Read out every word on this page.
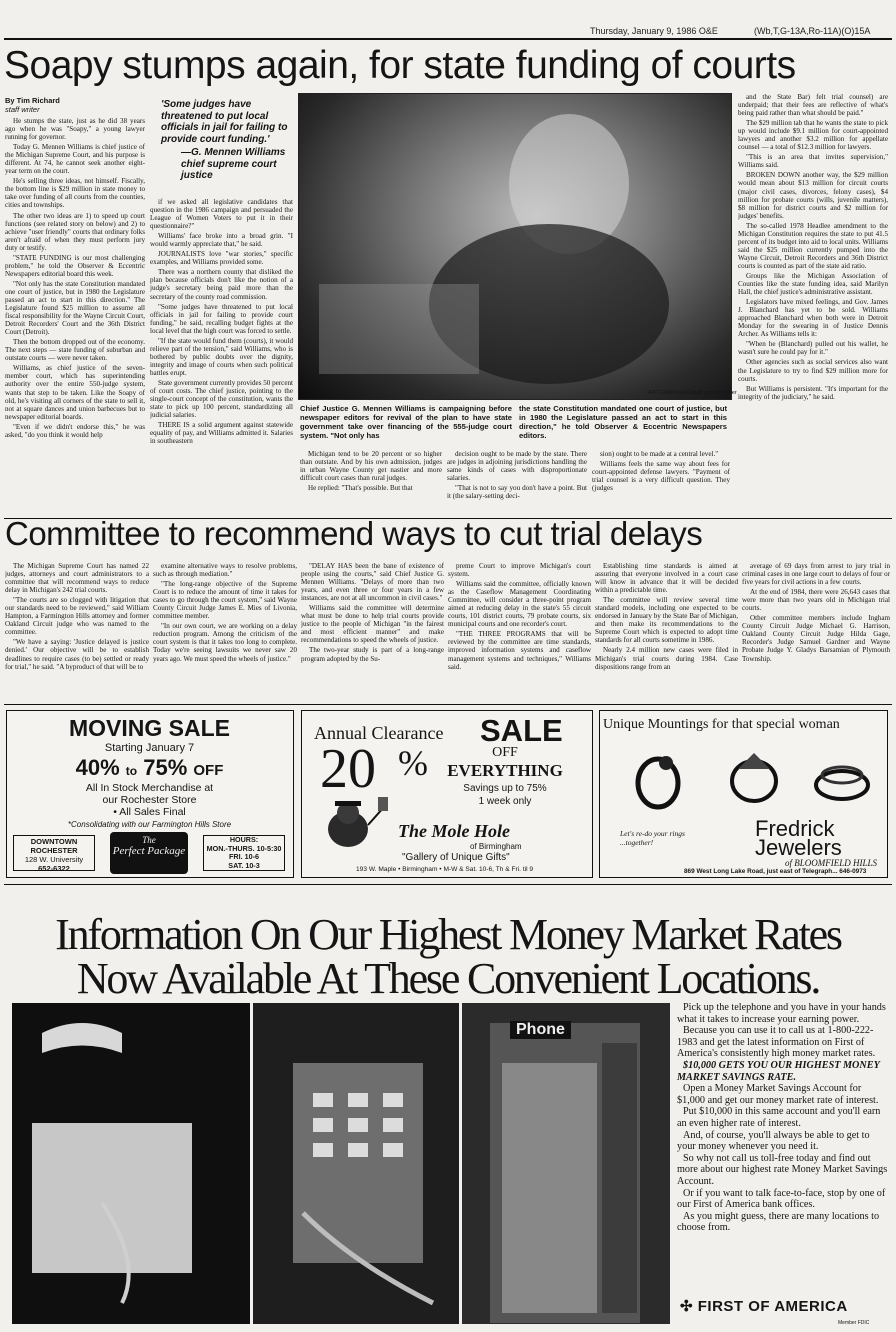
Thursday, January 9, 1986 O&E	(Wb,T,G-13A,Ro-11A)(O)15A
Soapy stumps again, for state funding of courts
By Tim Richard
staff writer

He stumps the state, just as he did 38 years ago when he was "Soapy," a young lawyer running for governor.

Today G. Mennen Williams is chief justice of the Michigan Supreme Court, and his purpose is different. At 74, he cannot seek another eight-year term on the court.

He's selling three ideas, not himself. Fiscally, the bottom line is $29 million in state money to take over funding of all courts from the counties, cities and townships.

The other two ideas are 1) to speed up court functions (see related story on below) and 2) to achieve "user friendly" courts that ordinary folks aren't afraid of when they must perform jury duty or testify.

"STATE FUNDING is our most challenging problem," he told the Observer & Eccentric Newspapers editorial board this week.

"Not only has the state Constitution mandated one court of justice, but in 1980 the Legislature passed an act to start in this direction." The Legislature found $25 million to assume all fiscal responsibility for the Wayne Circuit Court, Detroit Recorders' Court and the 36th District Court (Detroit).

Then the bottom dropped out of the economy. The next steps — state funding of suburban and outstate courts — were never taken.

Williams, as chief justice of the seven-member court, which has superintending authority over the entire 550-judge system, wants that step to be taken. Like the Soapy of old, he's visiting all corners of the state to sell it, not at square dances and union barbecues but to newspaper editorial boards.

"Even if we didn't endorse this," he was asked, "do you think it would help

'Some judges have threatened to put local officials in jail for failing to provide court funding.'
—G. Mennen Williams chief supreme court justice

if we asked all legislative candidates that question in the 1986 campaign and persuaded the League of Women Voters to put it in their questionnaire?"

Williams' face broke into a broad grin. "I would warmly appreciate that," he said.

JOURNALISTS love "war stories," specific examples, and Williams provided some.

There was a northern county that disliked the plan because officials don't like the notion of a judge's secretary being paid more than the secretary of the county road commission.

"Some judges have threatened to put local officials in jail for failing to provide court funding," he said, recalling budget fights at the local level that the high court was forced to settle.

"If the state would fund them (courts), it would relieve part of the tension," said Williams, who is bothered by public doubts over the dignity, integrity and image of courts when such political battles erupt.

State government currently provides 50 percent of court costs. The chief justice, pointing to the single-court concept of the constitution, wants the state to pick up 100 percent, standardizing all judicial salaries.

THERE IS a solid argument against statewide equality of pay, and Williams admitted it. Salaries in southeastern

ART EMANUELE/staff photographer
Chief Justice G. Mennen Williams is campaigning before newspaper editors for revival of the plan to have state government take over financing of the 555-judge court system. "Not only has
the state Constitution mandated one court of justice, but in 1980 the Legislature passed an act to start in this direction," he told Observer & Eccentric Newspapers editors.

Michigan tend to be 20 percent or so higher than outstate. And by his own admission, judges in urban Wayne County get nastier and more difficult court cases than rural judges.

He replied: "That's possible. But that

decision ought to be made by the state. There are judges in adjoining jurisdictions handling the same kinds of cases with disproportionate salaries.

"That is not to say you don't have a point. But it (the salary-setting deci-

sion) ought to be made at a central level."

Williams feels the same way about fees for court-appointed defense lawyers. "Payment of trial counsel is a very difficult question. They (judges

and the State Bar) felt trial counsel) are underpaid; that their fees are reflective of what's being paid rather than what should be paid."

The $29 million tab that he wants the state to pick up would include $9.1 million for court-appointed lawyers and another $3.2 million for appellate counsel — a total of $12.3 million for lawyers.

"This is an area that invites supervision," Williams said.

BROKEN DOWN another way, the $29 million would mean about $13 million for circuit courts (major civil cases, divorces, felony cases), $4 million for probate courts (wills, juvenile matters), $8 million for district courts and $2 million for judges' benefits.

The so-called 1978 Headlee amendment to the Michigan Constitution requires the state to put 41.5 percent of its budget into aid to local units. Williams said the $25 million currently pumped into the Wayne Circuit, Detroit Recorders and 36th District courts is counted as part of the state aid ratio.

Groups like the Michigan Association of Counties like the state funding idea, said Marilyn Hall, the chief justice's administrative assistant.

Legislators have mixed feelings, and Gov. James J. Blanchard has yet to be sold. Williams approached Blanchard when both were in Detroit Monday for the swearing in of Justice Dennis Archer. As Williams tells it:

"When he (Blanchard) pulled out his wallet, he wasn't sure he could pay for it."

Other agencies such as social services also want the Legislature to try to find $29 million more for courts.

But Williams is persistent. "It's important for the integrity of the judiciary," he said.

Committee to recommend ways to cut trial delays

The Michigan Supreme Court has named 22 judges, attorneys and court administrators to a committee that will recommend ways to reduce delay in Michigan's 242 trial courts.

"The courts are so clogged with litigation that our standards need to be reviewed," said William Hampton, a Farmington Hills attorney and former Oakland Circuit judge who was named to the committee.

"We have a saying: 'Justice delayed is justice denied.' Our objective will be to establish deadlines to require cases (to be) settled or ready for trial," he said. "A byproduct of that will be to

examine alternative ways to resolve problems, such as through mediation."

"The long-range objective of the Supreme Court is to reduce the amount of time it takes for cases to go through the court system," said Wayne County Circuit Judge James E. Mies of Livonia, committee member.

"In our own court, we are working on a delay reduction program. Among the criticism of the court system is that it takes too long to complete. Today we're seeing lawsuits we never saw 20 years ago. We must speed the wheels of justice."

"DELAY HAS been the bane of existence of people using the courts," said Chief Justice G. Mennen Williams. "Delays of more than two years, and even three or four years in a few instances, are not at all uncommon in civil cases."

Williams said the committee will determine what must be done to help trial courts provide justice to the people of Michigan "in the fairest and most efficient manner" and make recommendations to speed the wheels of justice.

The two-year study is part of a long-range program adopted by the Su-

preme Court to improve Michigan's court system.

Williams said the committee, officially known as the Caseflow Management Coordinating Committee, will consider a three-point program aimed at reducing delay in the state's 55 circuit courts, 101 district courts, 79 probate courts, six municipal courts and one recorder's court.

"THE THREE PROGRAMS that will be reviewed by the committee are time standards, improved information systems and caseflow management systems and techniques," Williams said.

Establishing time standards is aimed at assuring that everyone involved in a court case will know in advance that it will be decided within a predictable time.

The committee will review several time standard models, including one expected to be endorsed in January by the State Bar of Michigan, and then make its recommendations to the Supreme Court which is expected to adopt time standards for all courts sometime in 1986.

Nearly 2.4 million new cases were filed in Michigan's trial courts during 1984. Case dispositions range from an

average of 69 days from arrest to jury trial in criminal cases in one large court to delays of four or five years for civil actions in a few courts.

At the end of 1984, there were 26,643 cases that were more than two years old in Michigan trial courts.

Other committee members include Ingham County Circuit Judge Michael G. Harrison, Oakland County Circuit Judge Hilda Gage, Recorder's Judge Samuel Gardner and Wayne Probate Judge Y. Gladys Barsamian of Plymouth Township.

MOVING SALE
Starting January 7
40% to 75% OFF
All In Stock Merchandise at
our Rochester Store
• All Sales Final
*Consolidating with our Farmington Hills Store
DOWNTOWN ROCHESTER
128 W. University
652-6322
The
Perfect Package
HOURS:
MON.-THURS. 10-5:30
FRI. 10-6
SAT. 10-3
Annual Clearance SALE
20 %	OFF
EVERYTHING
Savings up to 75%
1 week only
The Mole Hole
of Birmingham
"Gallery of Unique Gifts"
193 W. Maple • Birmingham • M-W & Sat. 10-6, Th & Fri. til 9
Unique Mountings for that special woman
Let's re-do your rings ...together!
Fredrick
Jewelers
of BLOOMFIELD HILLS
869 West Long Lake Road, just east of Telegraph... 646-0973
Information On Our Highest Money Market Rates
Now Available At These Convenient Locations.
Phone

Pick up the telephone and you have in your hands what it takes to increase your earning power.

Because you can use it to call us at 1-800-222-1983 and get the latest information on First of America's consistently high money market rates.

$10,000 GETS YOU OUR HIGHEST MONEY MARKET SAVINGS RATE.

Open a Money Market Savings Account for $1,000 and get our money market rate of interest.

Put $10,000 in this same account and you'll earn an even higher rate of interest.

And, of course, you'll always be able to get to your money whenever you need it.

So why not call us toll-free today and find out more about our highest rate Money Market Savings Account.

Or if you want to talk face-to-face, stop by one of our First of America bank offices.

As you might guess, there are many locations to choose from.

✣ FIRST OF AMERICA
Member FDIC
